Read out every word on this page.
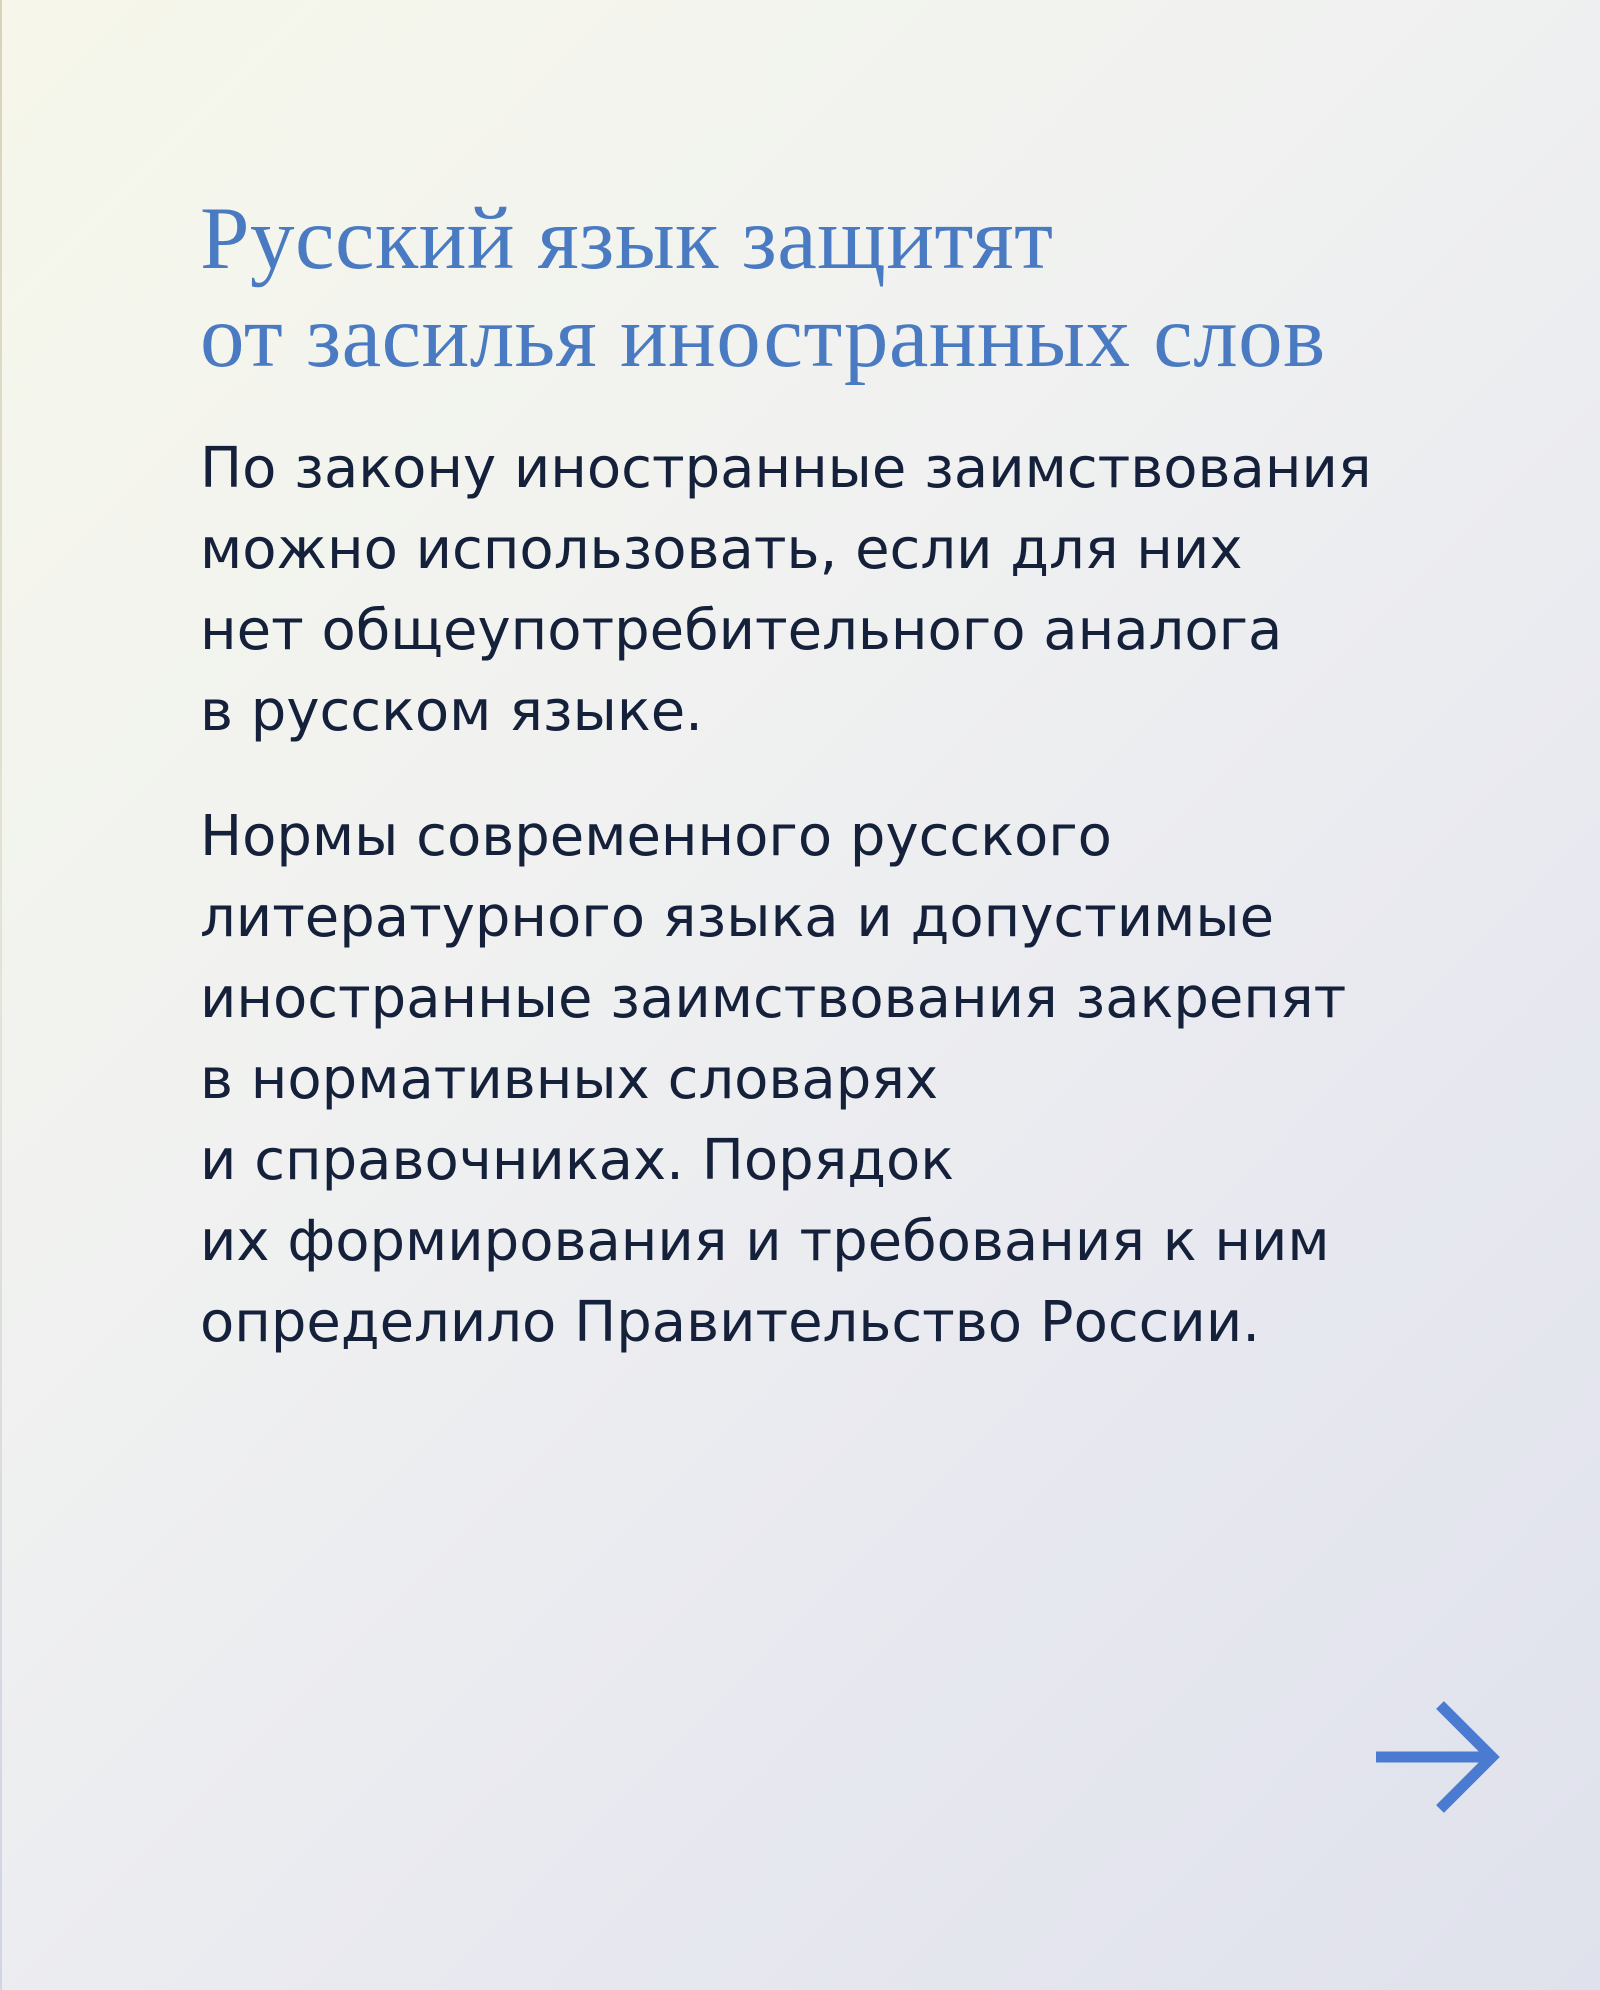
Русский язык защитят
от засилья иностранных слов

По закону иностранные заимствования
можно использовать, если для них
нет общеупотребительного аналога
в русском языке.

Нормы современного русского
литературного языка и допустимые
иностранные заимствования закрепят
в нормативных словарях
и справочниках. Порядок
их формирования и требования к ним
определило Правительство России.
